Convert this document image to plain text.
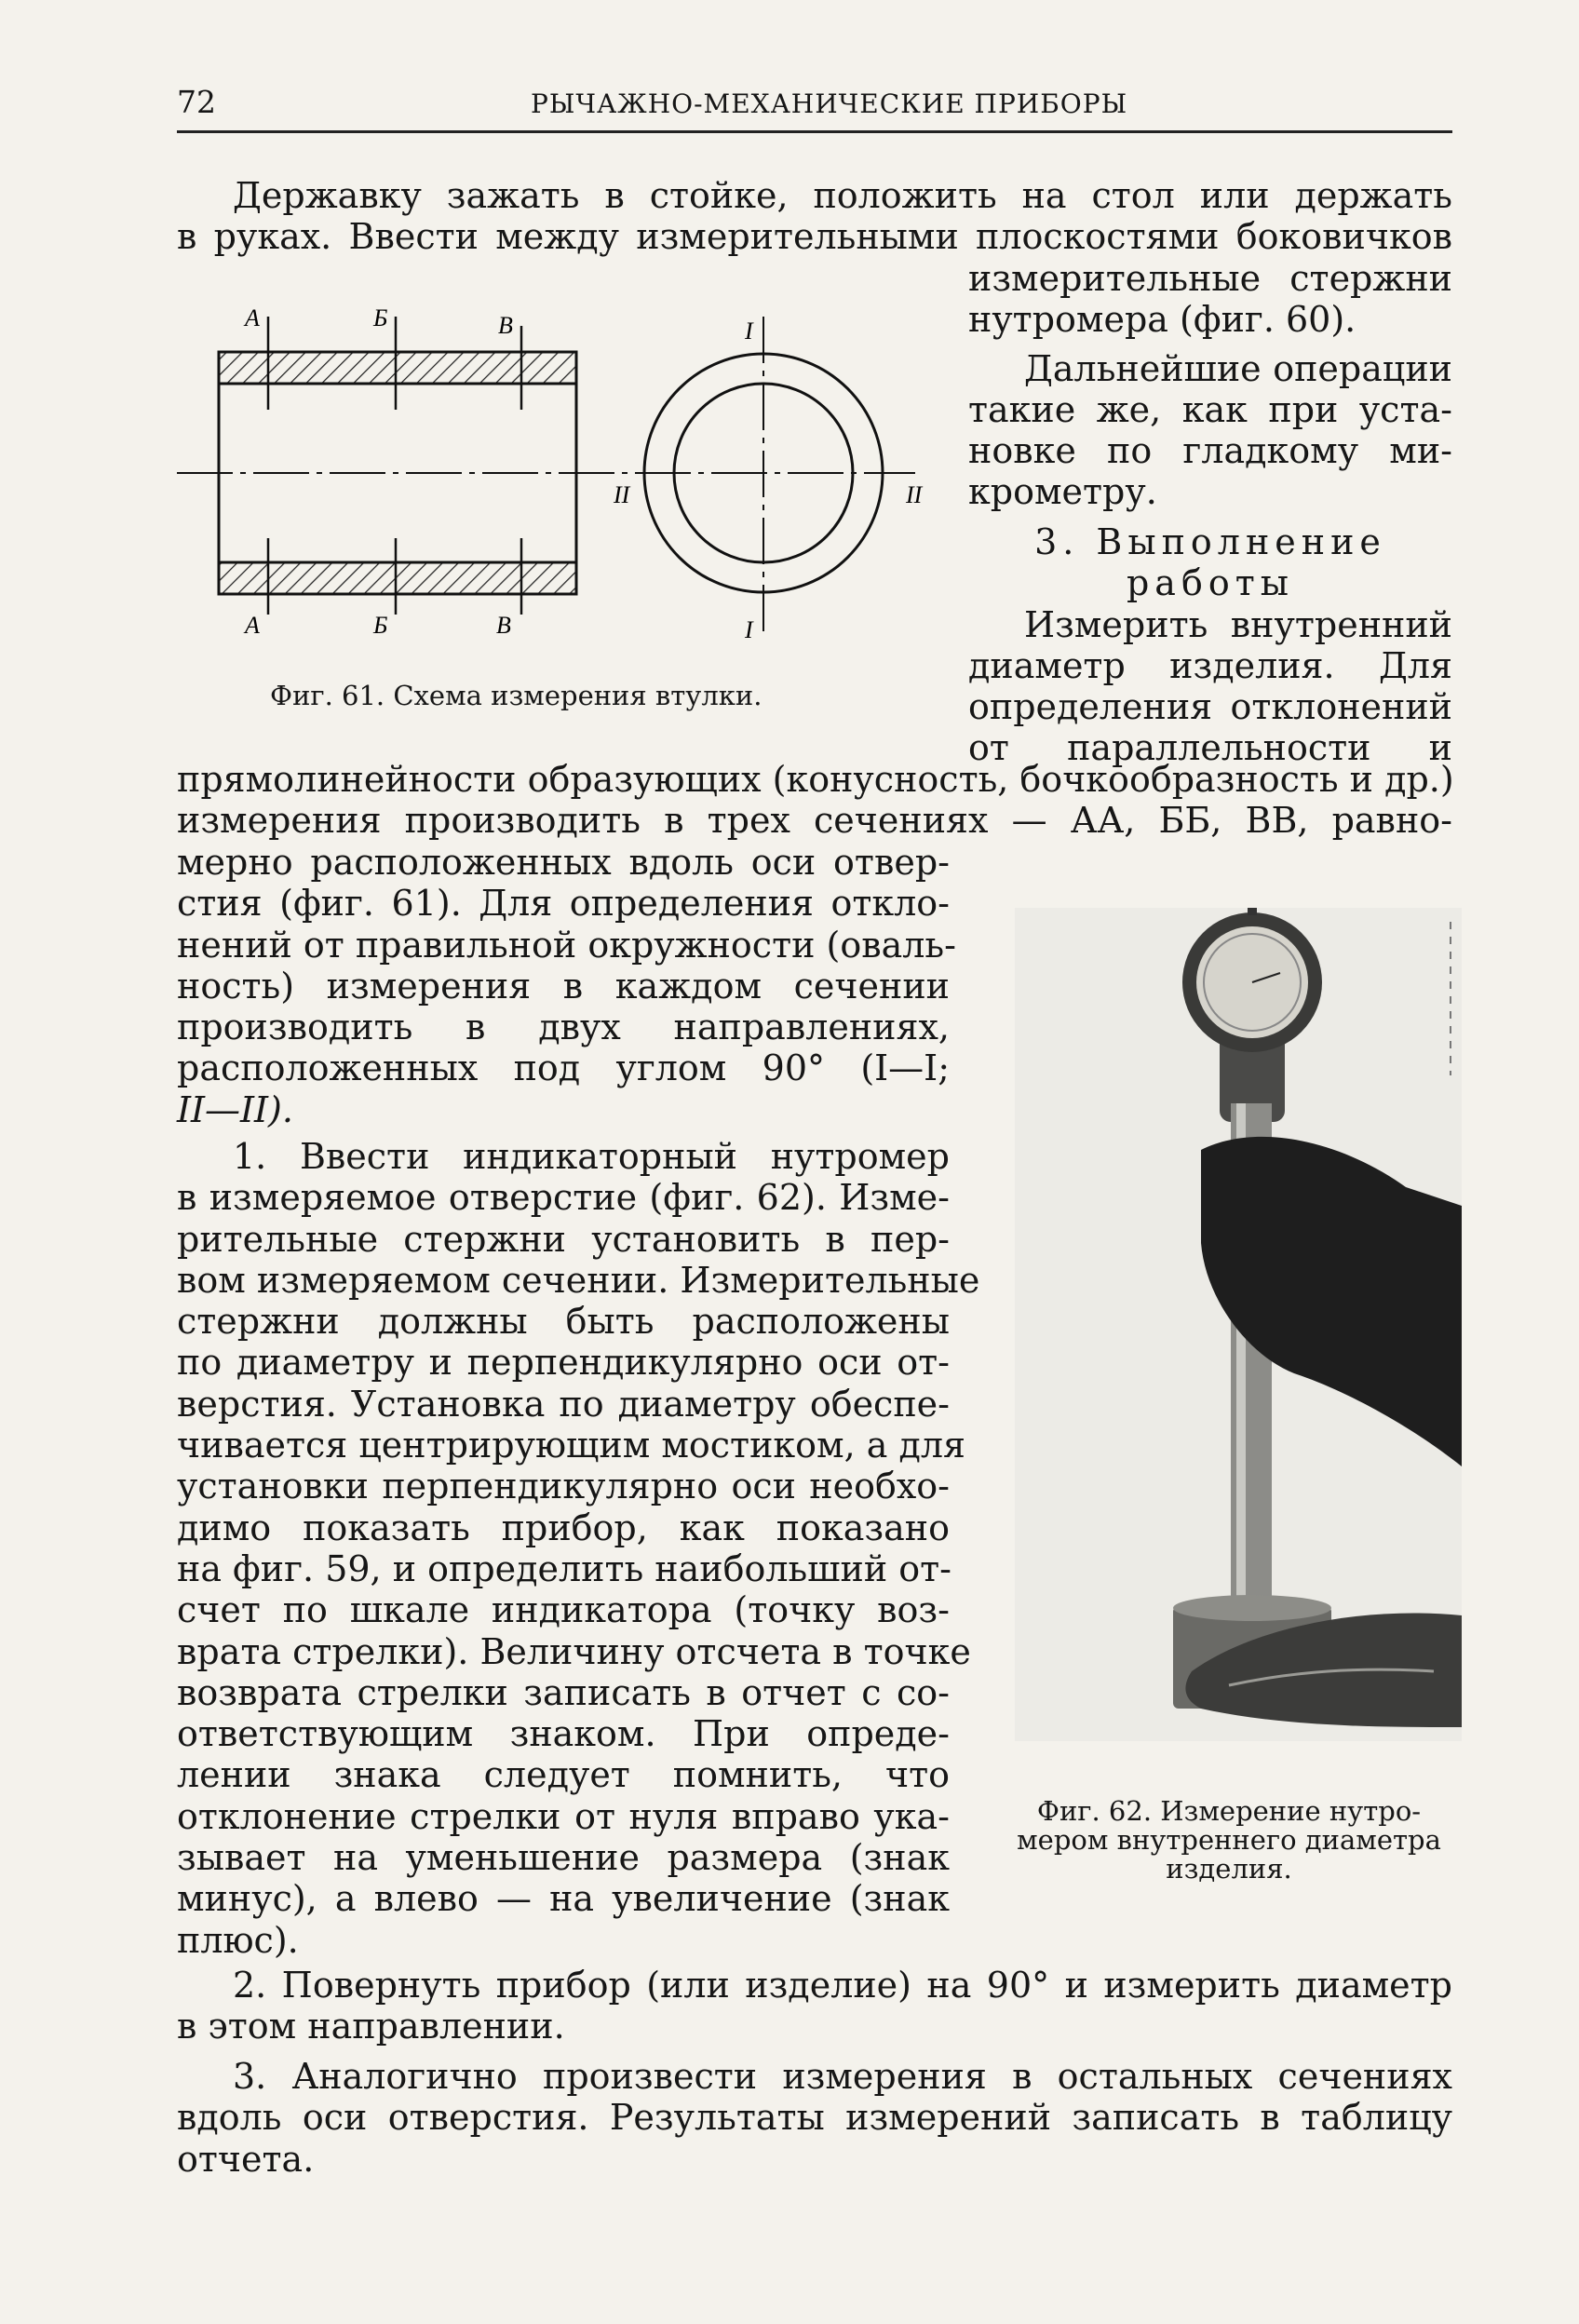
72	РЫЧАЖНО-МЕХАНИЧЕСКИЕ ПРИБОРЫ
Державку зажать в стойке, положить на стол или держать
в руках. Ввести между измерительными плоскостями боковичков
измерительные стержни
нутромера (фиг. 60).
Дальнейшие операции
такие же, как при уста-
новке по гладкому ми-
крометру.
3. Выполнение
работы
Измерить внутренний
диаметр изделия. Для
определения отклонений
от параллельности и
прямолинейности образующих (конусность, бочкообразность и др.)
измерения производить в трех сечениях — АА, ББ, ВВ, равно-
мерно расположенных вдоль оси отвер-
стия (фиг. 61). Для определения откло-
нений от правильной окружности (оваль-
ность) измерения в каждом сечении
производить в двух направлениях,
расположенных под углом 90° (I—I;
II—II).
1. Ввести индикаторный нутромер
в измеряемое отверстие (фиг. 62). Изме-
рительные стержни установить в пер-
вом измеряемом сечении. Измерительные
стержни должны быть расположены
по диаметру и перпендикулярно оси от-
верстия. Установка по диаметру обеспе-
чивается центрирующим мостиком, а для
установки перпендикулярно оси необхо-
димо показать прибор, как показано
на фиг. 59, и определить наибольший от-
счет по шкале индикатора (точку воз-
врата стрелки). Величину отсчета в точке
возврата стрелки записать в отчет с со-
ответствующим знаком. При опреде-
лении знака следует помнить, что
отклонение стрелки от нуля вправо ука-
зывает на уменьшение размера (знак
минус), а влево — на увеличение (знак
плюс).
2. Повернуть прибор (или изделие) на 90° и измерить диаметр
в этом направлении.
3. Аналогично произвести измерения в остальных сечениях
вдоль оси отверстия. Результаты измерений записать в таблицу
отчета.
А	Б	В
А	Б	В
I
I
II	II
Фиг. 61. Схема измерения втулки.
Фиг. 62. Измерение нутро-
мером внутреннего диаметра
изделия.
